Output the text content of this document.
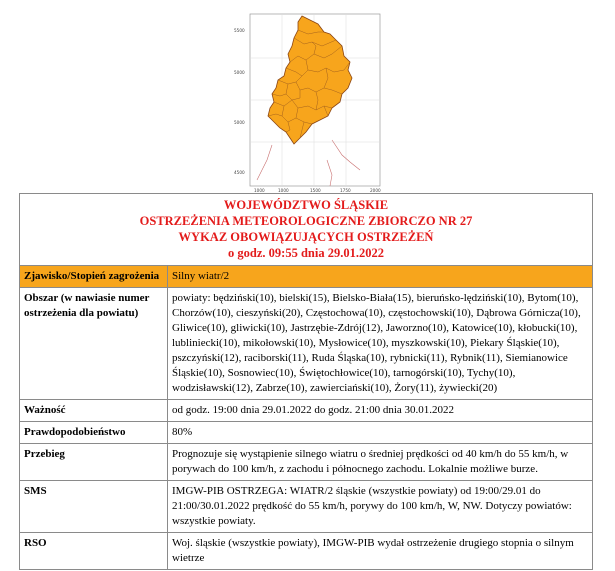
1000	1000	1500	1750	2000
5500
5000
5000
4500
WOJEWÓDZTWO ŚLĄSKIE
OSTRZEŻENIA METEOROLOGICZNE ZBIORCZO NR 27
WYKAZ OBOWIĄZUJĄCYCH OSTRZEŻEŃ
o godz. 09:55 dnia 29.01.2022	

Zjawisko/Stopień zagrożenia	Silny wiatr/2
Obszar (w nawiasie numer ostrzeżenia dla powiatu)	powiaty: będziński(10), bielski(15), Bielsko-Biała(15), bieruńsko-lędziński(10), Bytom(10), Chorzów(10), cieszyński(20), Częstochowa(10), częstochowski(10), Dąbrowa Górnicza(10), Gliwice(10), gliwicki(10), Jastrzębie-Zdrój(12), Jaworzno(10), Katowice(10), kłobucki(10), lubliniecki(10), mikołowski(10), Mysłowice(10), myszkowski(10), Piekary Śląskie(10), pszczyński(12), raciborski(11), Ruda Śląska(10), rybnicki(11), Rybnik(11), Siemianowice Śląskie(10), Sosnowiec(10), Świętochłowice(10), tarnogórski(10), Tychy(10), wodzisławski(12), Zabrze(10), zawierciański(10), Żory(11), żywiecki(20)
Ważność	od godz. 19:00 dnia 29.01.2022 do godz. 21:00 dnia 30.01.2022
Prawdopodobieństwo	80%
Przebieg	Prognozuje się wystąpienie silnego wiatru o średniej prędkości od 40 km/h do 55 km/h, w porywach do 100 km/h, z zachodu i północnego zachodu. Lokalnie możliwe burze.
SMS	IMGW-PIB OSTRZEGA: WIATR/2 śląskie (wszystkie powiaty) od 19:00/29.01 do 21:00/30.01.2022 prędkość do 55 km/h, porywy do 100 km/h, W, NW. Dotyczy powiatów: wszystkie powiaty.
RSO	Woj. śląskie (wszystkie powiaty), IMGW-PIB wydał ostrzeżenie drugiego stopnia o silnym wietrze
